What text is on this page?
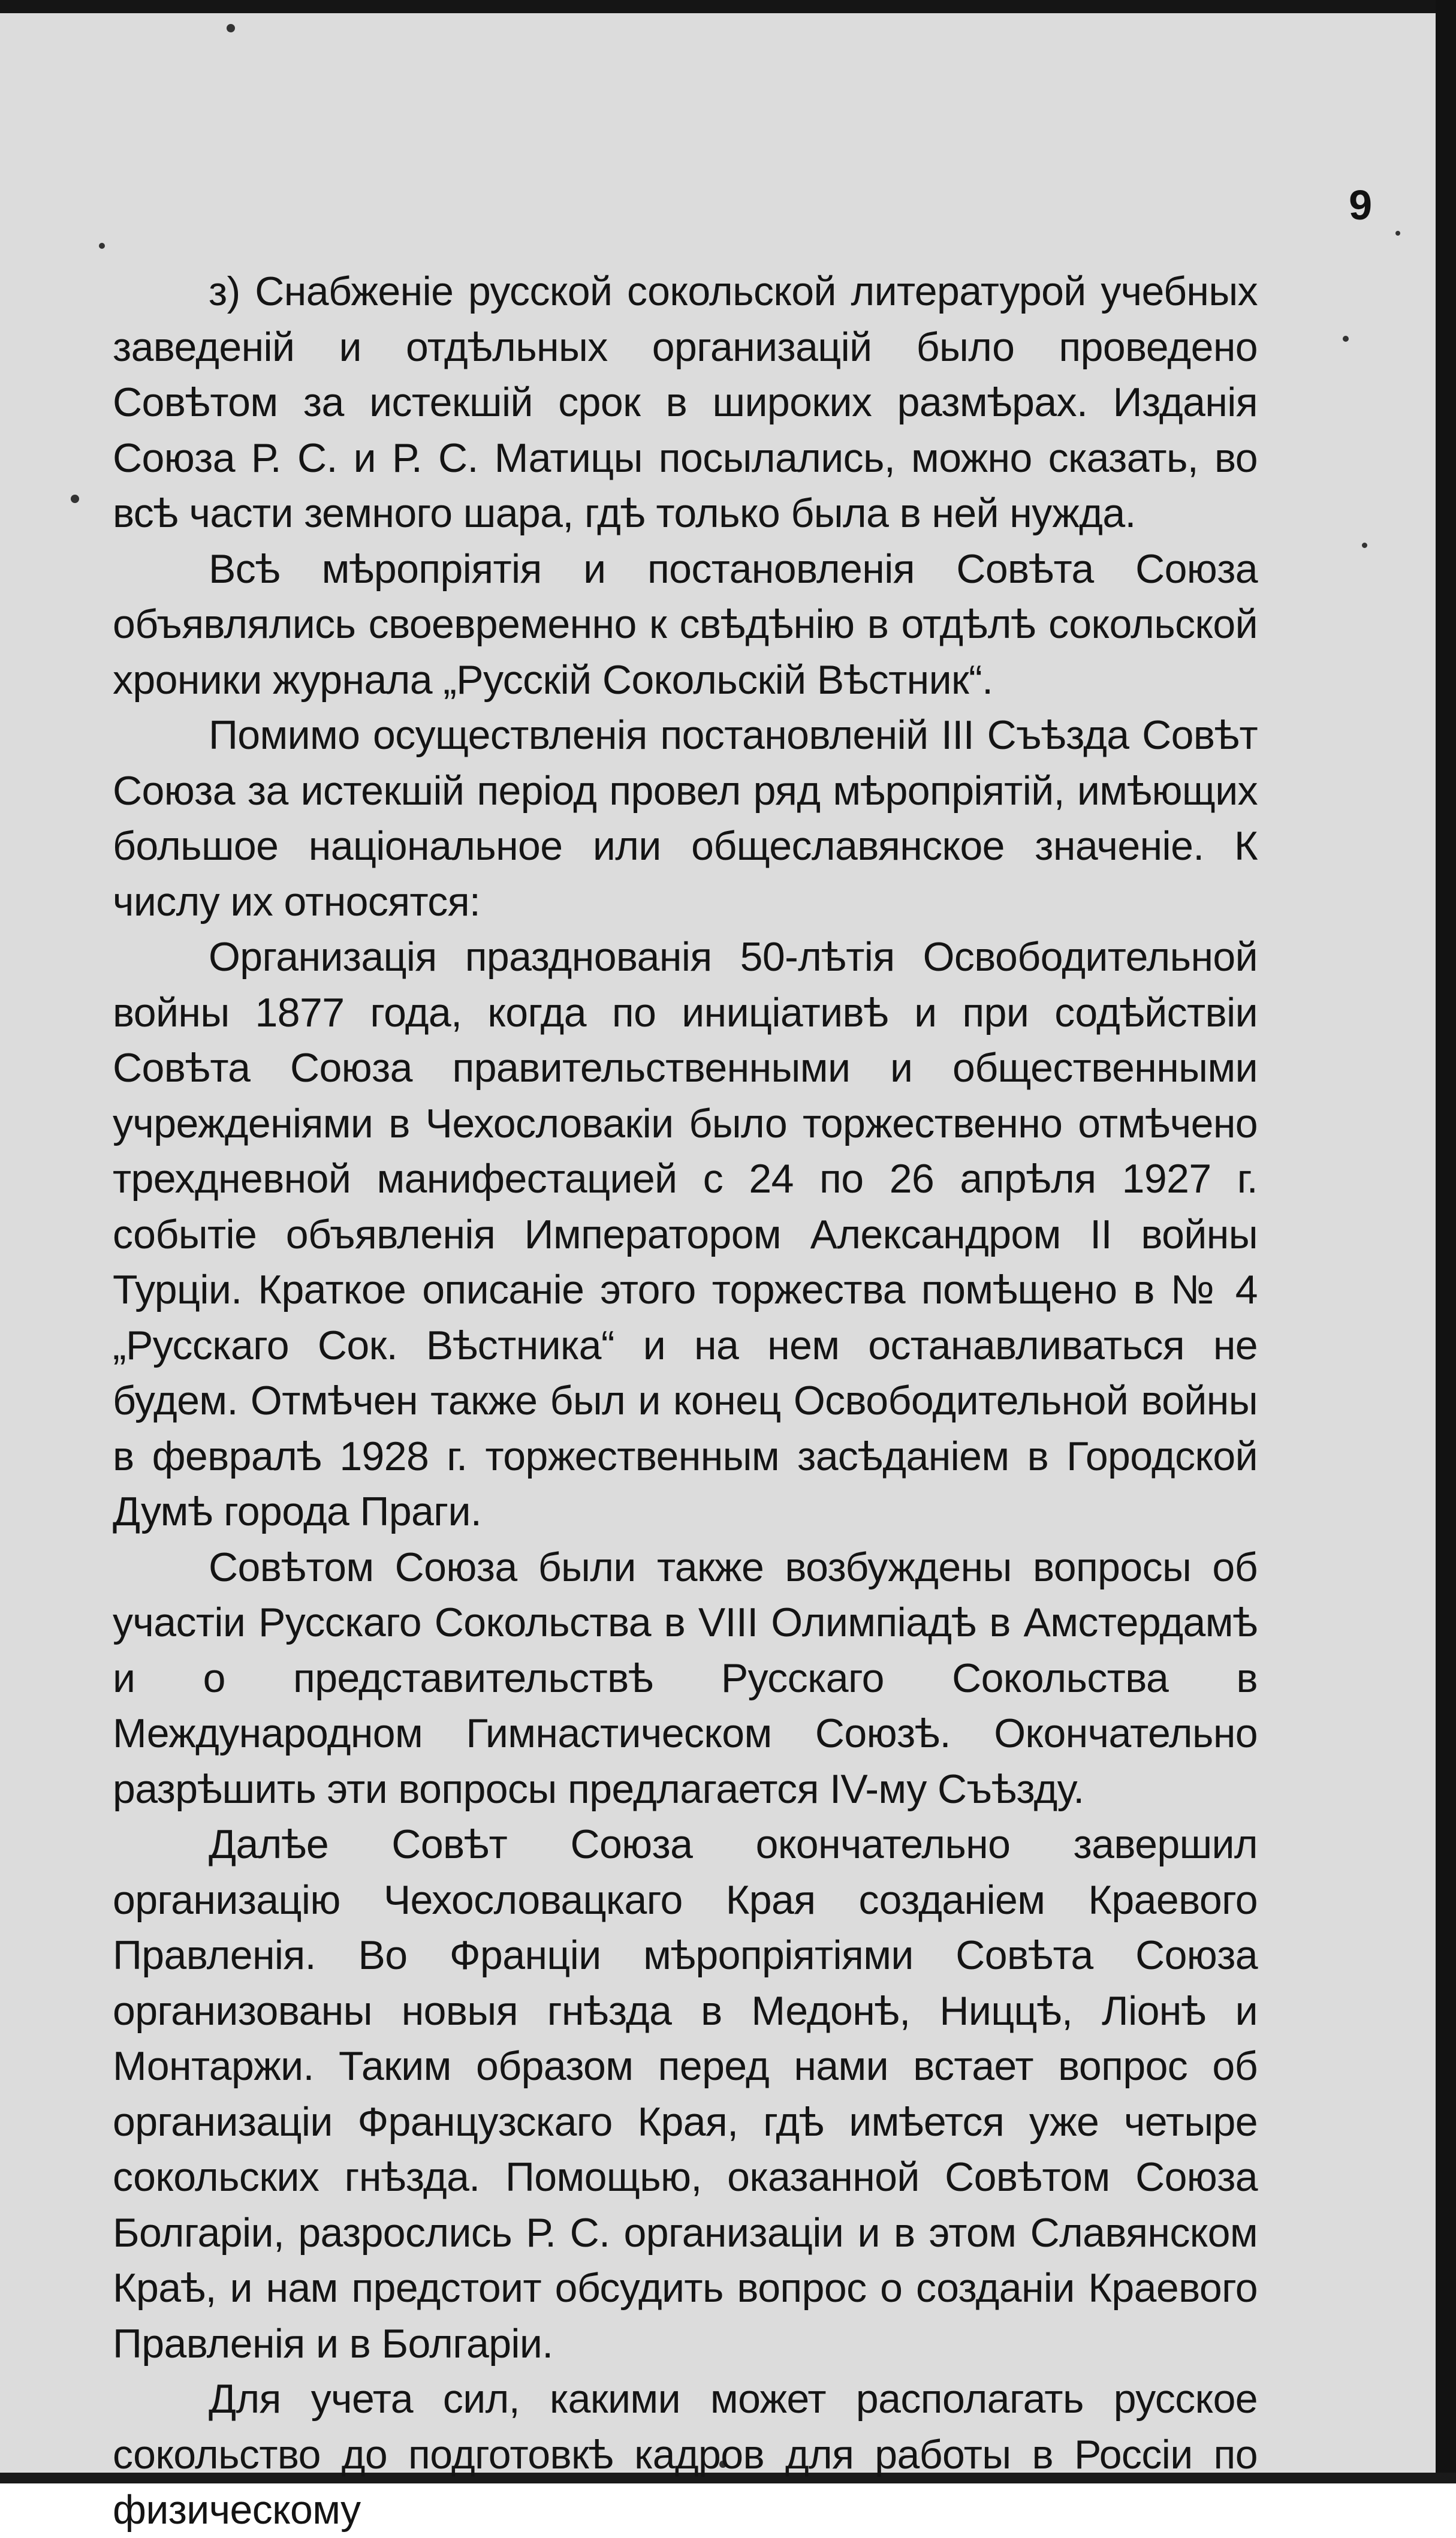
9

з) Снабженіе русской сокольской литературой учебных заведеній и отдѣльных организацій было проведено Совѣтом за истекшій срок в широких размѣрах. Изданія Союза Р. С. и Р. С. Матицы посылались, можно сказать, во всѣ части земного шара, гдѣ только была в ней нужда.

Всѣ мѣропріятія и постановленія Совѣта Союза объявлялись своевременно к свѣдѣнію в отдѣлѣ сокольской хроники журнала „Русскій Сокольскій Вѣстник“.

Помимо осуществленія постановленій III Съѣзда Совѣт Союза за истекшій період провел ряд мѣропріятій, имѣющих большое національное или общеславянское значеніе. К числу их относятся:

Организація празднованія 50-лѣтія Освободительной войны 1877 года, когда по иниціативѣ и при содѣйствіи Совѣта Союза правительственными и общественными учрежденіями в Чехословакіи было торжественно отмѣчено трехдневной манифестацией с 24 по 26 апрѣля 1927 г. событіе объявленія Императором Александром II войны Турціи. Краткое описаніе этого торжества помѣщено в № 4 „Русскаго Сок. Вѣстника“ и на нем останавливаться не будем. Отмѣчен также был и конец Освободительной войны в февралѣ 1928 г. торжественным засѣданіем в Городской Думѣ города Праги.

Совѣтом Союза были также возбуждены вопросы об участіи Русскаго Сокольства в VIII Олимпіадѣ в Амстердамѣ и о представительствѣ Русскаго Сокольства в Международном Гимнастическом Союзѣ. Окончательно разрѣшить эти вопросы предлагается IV-му Съѣзду.

Далѣе Совѣт Союза окончательно завершил организацію Чехословацкаго Края созданіем Краевого Правленія. Во Франціи мѣропріятіями Совѣта Союза организованы новыя гнѣзда в Медонѣ, Ниццѣ, Ліонѣ и Монтаржи. Таким образом перед нами встает вопрос об организаціи Французскаго Края, гдѣ имѣется уже четыре сокольских гнѣзда. Помощью, оказанной Совѣтом Союза Болгаріи, разрослись Р. С. организаціи и в этом Славянском Краѣ, и нам предстоит обсудить вопрос о созданіи Краевого Правленія и в Болгаріи.

Для учета сил, какими может располагать русское сокольство до подготовкѣ кадров для работы в Россіи по физическому
